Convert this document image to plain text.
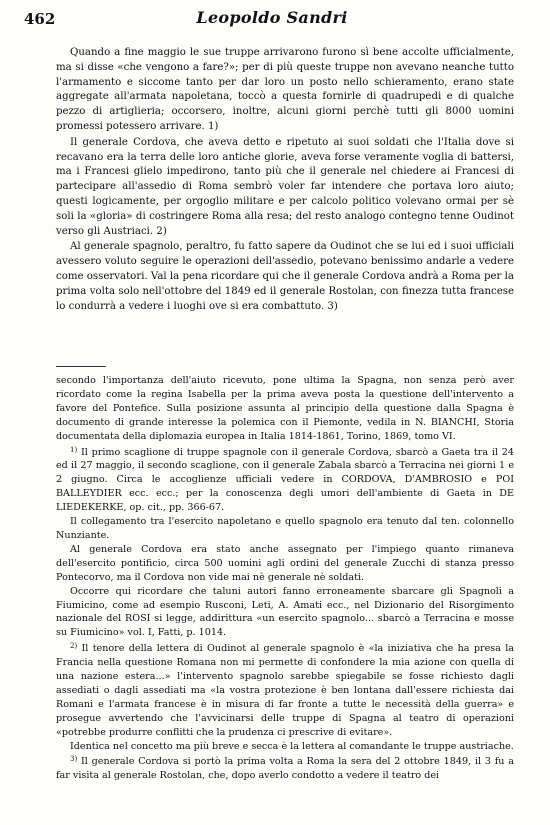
462	Leopoldo Sandri

Quando a fine maggio le sue truppe arrivarono furono sì bene accolte ufficialmente, ma si disse «che vengono a fare?»; per di più queste truppe non avevano neanche tutto l'armamento e siccome tanto per dar loro un posto nello schieramento, erano state aggregate all'armata napoletana, toccò a questa fornirle di quadrupedi e di qualche pezzo di artiglieria; occorsero, inoltre, alcuni giorni perchè tutti gli 8000 uomini promessi potessero arrivare. 1)

Il generale Cordova, che aveva detto e ripetuto ai suoi soldati che l'Italia dove si recavano era la terra delle loro antiche glorie, aveva forse veramente voglia di battersi, ma i Francesi glielo impedirono, tanto più che il generale nel chiedere ai Francesi di partecipare all'assedio di Roma sembrò voler far intendere che portava loro aiuto; questi logicamente, per orgoglio militare e per calcolo politico volevano ormai per sè soli la «gloria» di costringere Roma alla resa; del resto analogo contegno tenne Oudinot verso gli Austriaci. 2)

Al generale spagnolo, peraltro, fu fatto sapere da Oudinot che se lui ed i suoi ufficiali avessero voluto seguire le operazioni dell'assedio, potevano benissimo andarle a vedere come osservatori. Val la pena ricordare qui che il generale Cordova andrà a Roma per la prima volta solo nell'ottobre del 1849 ed il generale Rostolan, con finezza tutta francese lo condurrà a vedere i luoghi ove si era combattuto. 3)

secondo l'importanza dell'aiuto ricevuto, pone ultima la Spagna, non senza però aver ricordato come la regina Isabella per la prima aveva posta la questione dell'intervento a favore del Pontefice. Sulla posizione assunta al principio della questione dalla Spagna è documento di grande interesse la polemica con il Piemonte, vedila in N. BIANCHI, Storia documentata della diplomazia europea in Italia 1814-1861, Torino, 1869, tomo VI.

$^{1)}$ Il primo scaglione di truppe spagnole con il generale Cordova, sbarcò a Gaeta tra il 24 ed il 27 maggio, il secondo scaglione, con il generale Zabala sbarcò a Terracina nei giorni 1 e 2 giugno. Circa le accoglienze ufficiali vedere in CORDOVA, D'AMBROSIO e POI BALLEYDIER ecc. ecc.; per la conoscenza degli umori dell'ambiente di Gaeta in DE LIEDEKERKE, op. cit., pp. 366-67.

Il collegamento tra l'esercito napoletano e quello spagnolo era tenuto dal ten. colonnello Nunziante.

Al generale Cordova era stato anche assegnato per l'impiego quanto rimaneva dell'esercito pontificio, circa 500 uomini agli ordini del generale Zucchi di stanza presso Pontecorvo, ma il Cordova non vide mai nè generale nè soldati.

Occorre qui ricordare che taluni autori fanno erroneamente sbarcare gli Spagnoli a Fiumicino, come ad esempio Rusconi, Leti, A. Amati ecc., nel Dizionario del Risorgimento nazionale del ROSI si legge, addirittura «un esercito spagnolo... sbarcò a Terracina e mosse su Fiumicino» vol. I, Fatti, p. 1014.

$^{2)}$ Il tenore della lettera di Oudinot al generale spagnolo è «la iniziativa che ha presa la Francia nella questione Romana non mi permette di confondere la mia azione con quella di una nazione estera...» l'intervento spagnolo sarebbe spiegabile se fosse richiesto dagli assediati o dagli assediati ma «la vostra protezione è ben lontana dall'essere richiesta dai Romani e l'armata francese è in misura di far fronte a tutte le necessità della guerra» e prosegue avvertendo che l'avvicinarsi delle truppe di Spagna al teatro di operazioni «potrebbe produrre conflitti che la prudenza ci prescrive di evitare».

Identica nel concetto ma più breve e secca è la lettera al comandante le truppe austriache.

$^{3)}$ Il generale Cordova si portò la prima volta a Roma la sera del 2 ottobre 1849, il 3 fu a far visita al generale Rostolan, che, dopo averlo condotto a vedere il teatro dei
